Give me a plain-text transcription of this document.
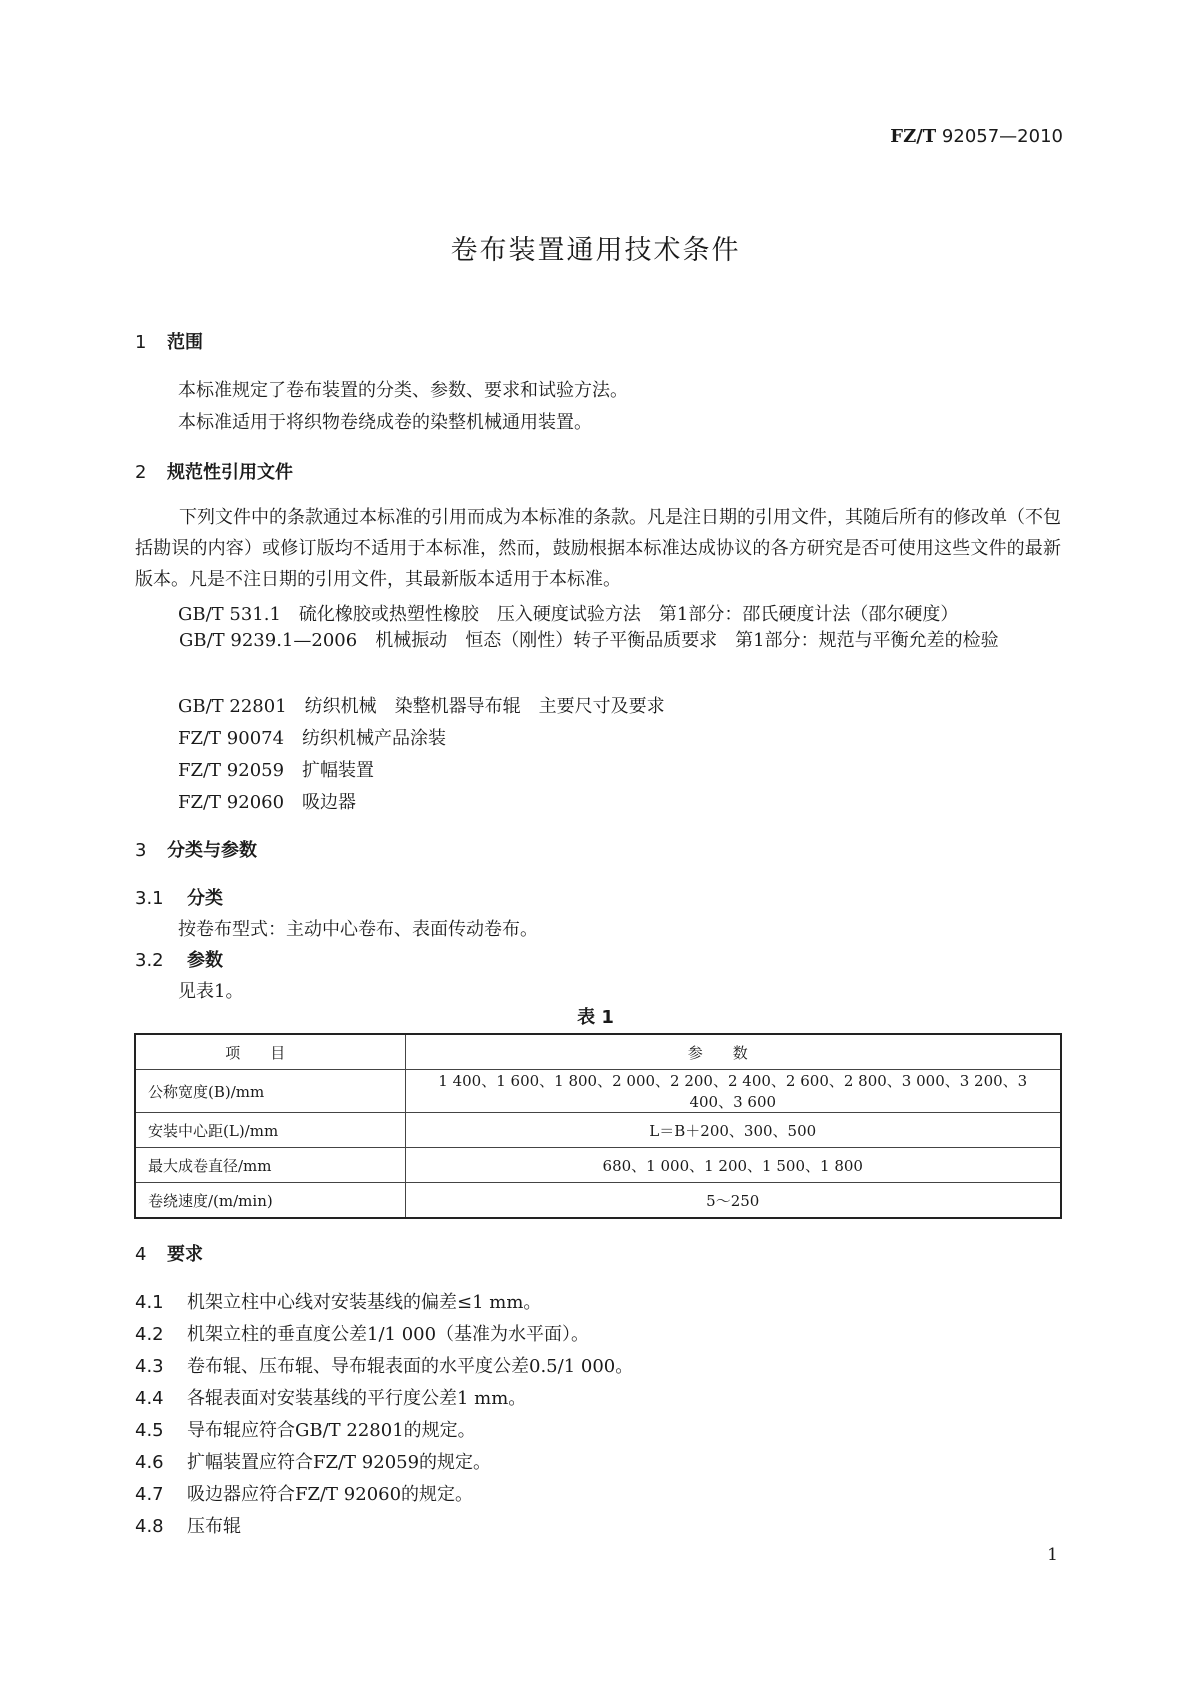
FZ/T 92057—2010
卷布装置通用技术条件
1 范围
本标准规定了卷布装置的分类、参数、要求和试验方法。
本标准适用于将织物卷绕成卷的染整机械通用装置。
2 规范性引用文件
下列文件中的条款通过本标准的引用而成为本标准的条款。凡是注日期的引用文件，其随后所有的修改单（不包括勘误的内容）或修订版均不适用于本标准，然而，鼓励根据本标准达成协议的各方研究是否可使用这些文件的最新版本。凡是不注日期的引用文件，其最新版本适用于本标准。
GB/T 531.1　硫化橡胶或热塑性橡胶　压入硬度试验方法　第1部分：邵氏硬度计法（邵尔硬度）
GB/T 9239.1—2006　机械振动　恒态（刚性）转子平衡品质要求　第1部分：规范与平衡允差的检验
GB/T 22801　纺织机械　染整机器导布辊　主要尺寸及要求
FZ/T 90074　纺织机械产品涂装
FZ/T 92059　扩幅装置
FZ/T 92060　吸边器
3 分类与参数
3.1 分类
按卷布型式：主动中心卷布、表面传动卷布。
3.2 参数
见表1。
表 1
项目	参数
公称宽度(B)/mm	1 400、1 600、1 800、2 000、2 200、2 400、2 600、2 800、3 000、3 200、3 400、3 600
安装中心距(L)/mm	L＝B＋200、300、500
最大成卷直径/mm	680、1 000、1 200、1 500、1 800
卷绕速度/(m/min)	5～250
4 要求
4.1 机架立柱中心线对安装基线的偏差≤1 mm。
4.2 机架立柱的垂直度公差1/1 000（基准为水平面）。
4.3 卷布辊、压布辊、导布辊表面的水平度公差0.5/1 000。
4.4 各辊表面对安装基线的平行度公差1 mm。
4.5 导布辊应符合GB/T 22801的规定。
4.6 扩幅装置应符合FZ/T 92059的规定。
4.7 吸边器应符合FZ/T 92060的规定。
4.8 压布辊
1
